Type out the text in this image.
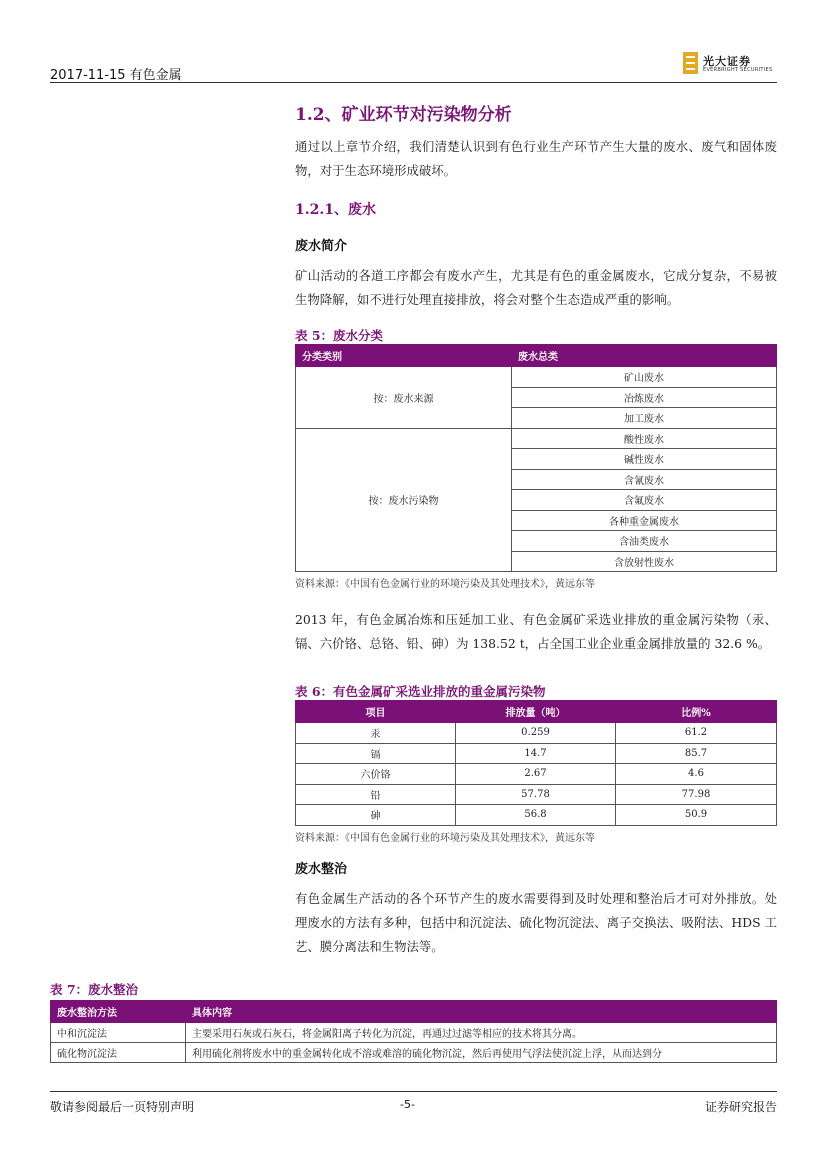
2017-11-15 有色金属
光大证券
EVERBRIGHT SECURITIES
1.2、矿业环节对污染物分析
通过以上章节介绍，我们清楚认识到有色行业生产环节产生大量的废水、废气和固体废物，对于生态环境形成破坏。
1.2.1、废水
废水简介
矿山活动的各道工序都会有废水产生，尤其是有色的重金属废水，它成分复杂，不易被生物降解，如不进行处理直接排放，将会对整个生态造成严重的影响。
表 5：废水分类
分类类别	废水总类
按：废水来源	矿山废水
	冶炼废水
	加工废水
按：废水污染物	酸性废水
	碱性废水
	含氰废水
	含氟废水
	各种重金属废水
	含油类废水
	含放射性废水
资料来源：《中国有色金属行业的环境污染及其处理技术》，黄远东等
2013 年，有色金属冶炼和压延加工业、有色金属矿采选业排放的重金属污染物（汞、镉、六价铬、总铬、铅、砷）为 138.52 t，占全国工业企业重金属排放量的 32.6 %。
表 6：有色金属矿采选业排放的重金属污染物
项目	排放量（吨）	比例%
汞	0.259	61.2
镉	14.7	85.7
六价铬	2.67	4.6
铅	57.78	77.98
砷	56.8	50.9
资料来源：《中国有色金属行业的环境污染及其处理技术》，黄远东等
废水整治
有色金属生产活动的各个环节产生的废水需要得到及时处理和整治后才可对外排放。处理废水的方法有多种，包括中和沉淀法、硫化物沉淀法、离子交换法、吸附法、HDS 工艺、膜分离法和生物法等。
表 7：废水整治
废水整治方法	具体内容
中和沉淀法	主要采用石灰或石灰石，将金属阳离子转化为沉淀，再通过过滤等相应的技术将其分离。
硫化物沉淀法	利用硫化剂将废水中的重金属转化成不溶或难溶的硫化物沉淀，然后再使用气浮法使沉淀上浮，从而达到分
敬请参阅最后一页特别声明	-5-	证券研究报告
